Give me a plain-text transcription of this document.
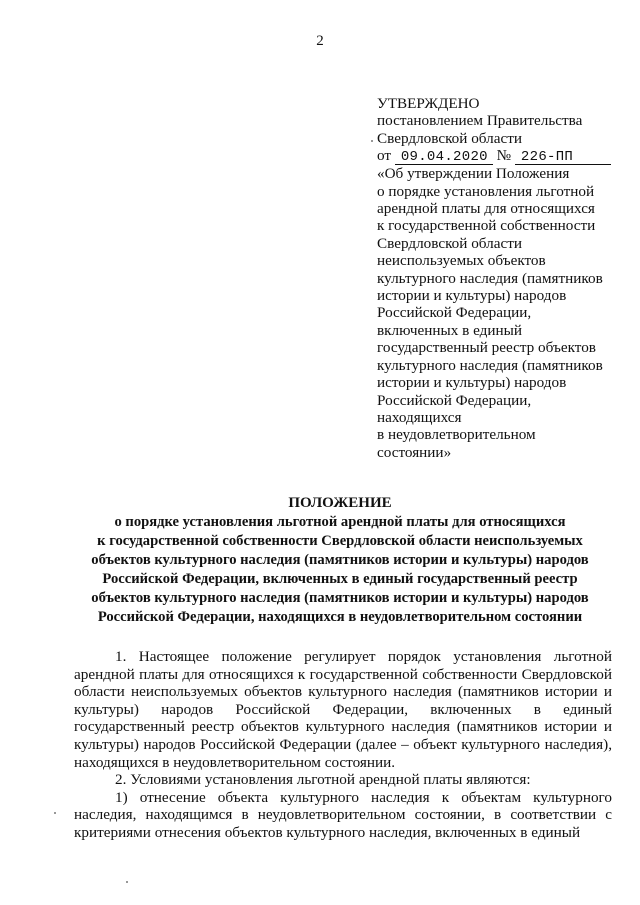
2
УТВЕРЖДЕНО
постановлением Правительства
Свердловской области
от 09.04.2020 № 226-ПП
«Об утверждении Положения
о порядке установления льготной
арендной платы для относящихся
к государственной собственности
Свердловской области
неиспользуемых объектов
культурного наследия (памятников
истории и культуры) народов
Российской Федерации,
включенных в единый
государственный реестр объектов
культурного наследия (памятников
истории и культуры) народов
Российской Федерации,
находящихся
в неудовлетворительном
состоянии»
ПОЛОЖЕНИЕ
о порядке установления льготной арендной платы для относящихся
к государственной собственности Свердловской области неиспользуемых
объектов культурного наследия (памятников истории и культуры) народов
Российской Федерации, включенных в единый государственный реестр
объектов культурного наследия (памятников истории и культуры) народов
Российской Федерации, находящихся в неудовлетворительном состоянии

1. Настоящее положение регулирует порядок установления льготной арендной платы для относящихся к государственной собственности Свердловской области неиспользуемых объектов культурного наследия (памятников истории и культуры) народов Российской Федерации, включенных в единый государственный реестр объектов культурного наследия (памятников истории и культуры) народов Российской Федерации (далее – объект культурного наследия), находящихся в неудовлетворительном состоянии.

2. Условиями установления льготной арендной платы являются:

1) отнесение объекта культурного наследия к объектам культурного наследия, находящимся в неудовлетворительном состоянии, в соответствии с критериями отнесения объектов культурного наследия, включенных в единый
